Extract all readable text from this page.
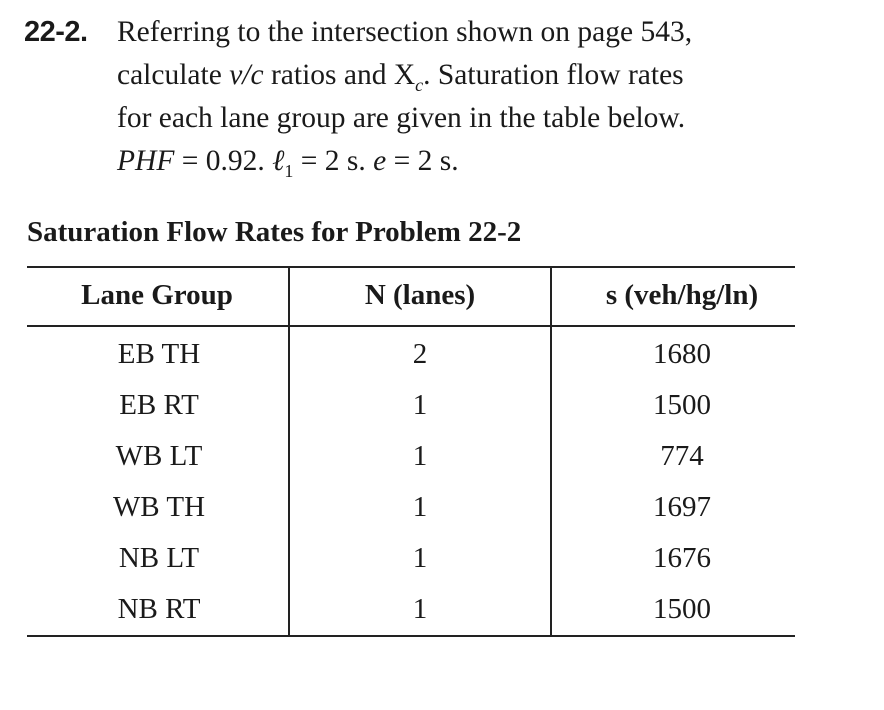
22-2. Referring to the intersection shown on page 543,
calculate v/c ratios and $X_c$. Saturation flow rates
for each lane group are given in the table below.
PHF = 0.92. ℓ$_1$ = 2 s. e = 2 s.
Saturation Flow Rates for Problem 22-2
Lane Group	N (lanes)	s (veh/hg/ln)
EB TH	2	1680
EB RT	1	1500
WB LT	1	774
WB TH	1	1697
NB LT	1	1676
NB RT	1	1500
